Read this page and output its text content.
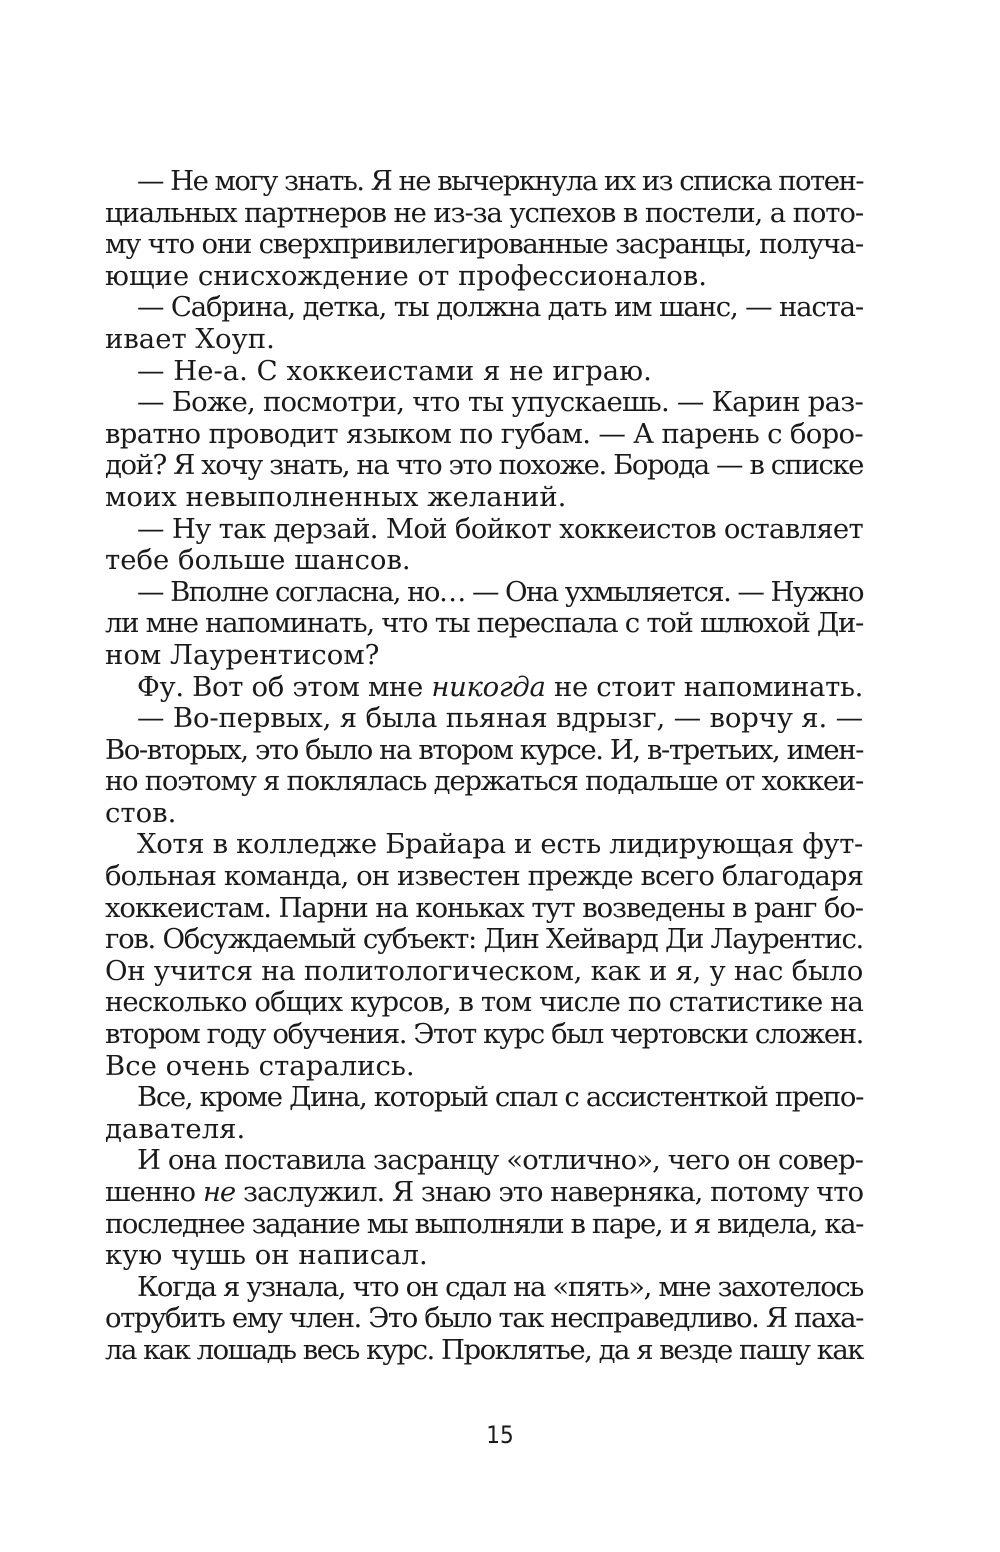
— Не могу знать. Я не вычеркнула их из списка потен-
циальных партнеров не из-за успехов в постели, а пото-
му что они сверхпривилегированные засранцы, получа-
ющие снисхождение от профессионалов.
— Сабрина, детка, ты должна дать им шанс, — наста-
ивает Хоуп.
— Не-а. С хоккеистами я не играю.
— Боже, посмотри, что ты упускаешь. — Карин раз-
вратно проводит языком по губам. — А парень с боро-
дой? Я хочу знать, на что это похоже. Борода — в списке
моих невыполненных желаний.
— Ну так дерзай. Мой бойкот хоккеистов оставляет
тебе больше шансов.
— Вполне согласна, но… — Она ухмыляется. — Нужно
ли мне напоминать, что ты переспала с той шлюхой Ди-
ном Лаурентисом?
Фу. Вот об этом мне никогда не стоит напоминать.
— Во-первых, я была пьяная вдрызг, — ворчу я. —
Во-вторых, это было на втором курсе. И, в-третьих, имен-
но поэтому я поклялась держаться подальше от хоккеи-
стов.
Хотя в колледже Брайара и есть лидирующая фут-
больная команда, он известен прежде всего благодаря
хоккеистам. Парни на коньках тут возведены в ранг бо-
гов. Обсуждаемый субъект: Дин Хейвард Ди Лаурентис.
Он учится на политологическом, как и я, у нас было
несколько общих курсов, в том числе по статистике на
втором году обучения. Этот курс был чертовски сложен.
Все очень старались.
Все, кроме Дина, который спал с ассистенткой препо-
давателя.
И она поставила засранцу «отлично», чего он совер-
шенно не заслужил. Я знаю это наверняка, потому что
последнее задание мы выполняли в паре, и я видела, ка-
кую чушь он написал.
Когда я узнала, что он сдал на «пять», мне захотелось
отрубить ему член. Это было так несправедливо. Я паха-
ла как лошадь весь курс. Проклятье, да я везде пашу как
15
